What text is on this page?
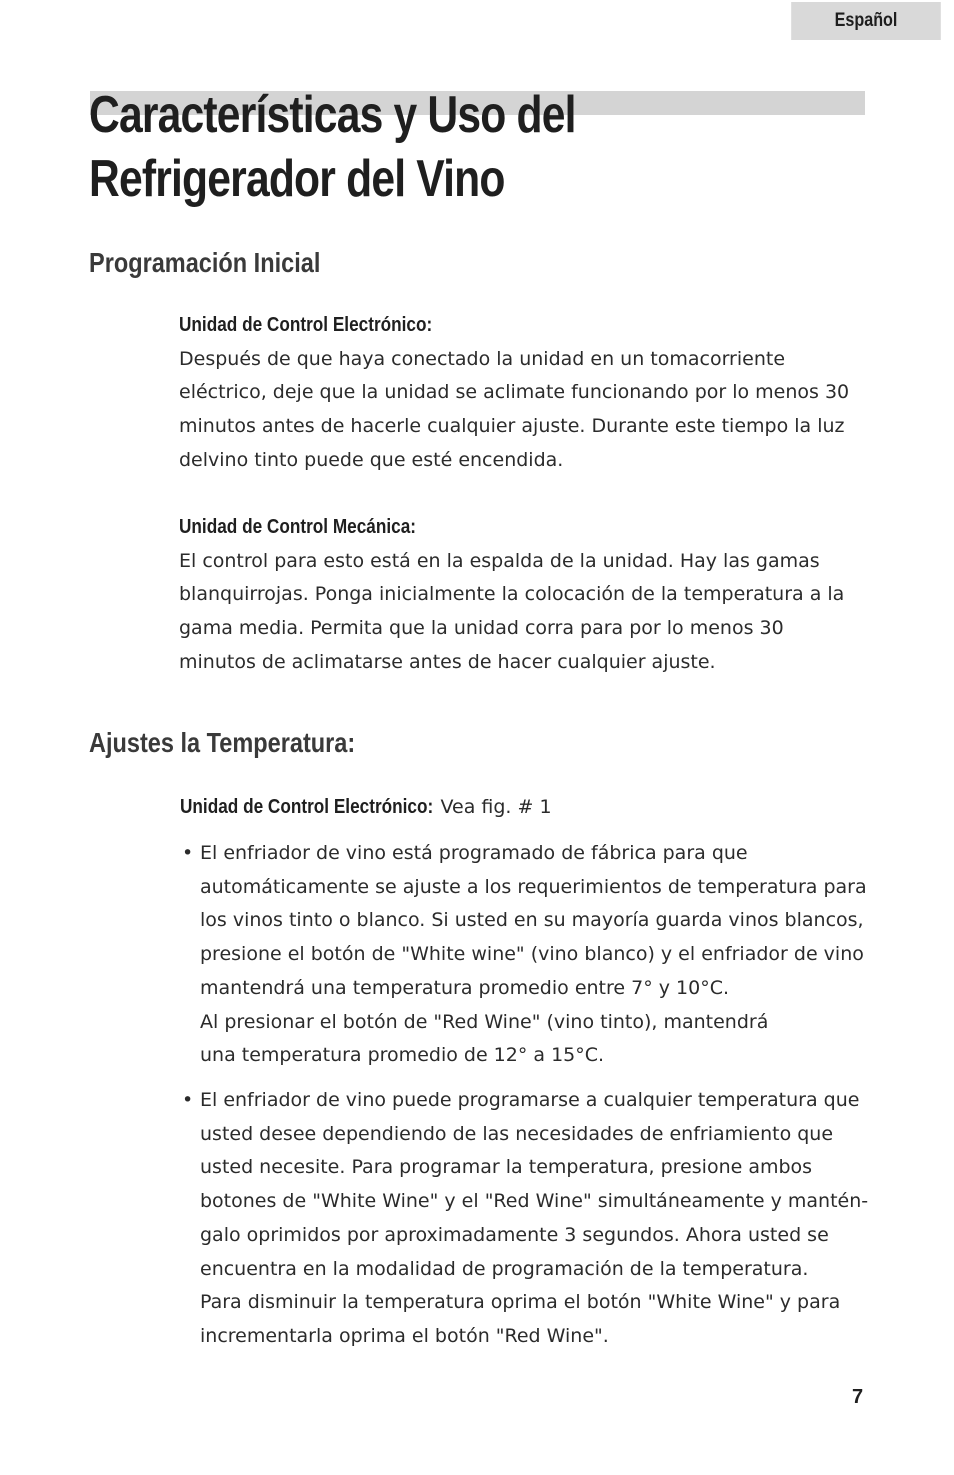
Español
Características y Uso del
Refrigerador del Vino
Programación Inicial
Unidad de Control Electrónico:

Después de que haya conectado la unidad en un tomacorriente
eléctrico, deje que la unidad se aclimate funcionando por lo menos 30
minutos antes de hacerle cualquier ajuste. Durante este tiempo la luz
delvino tinto puede que esté encendida.

Unidad de Control Mecánica:

El control para esto está en la espalda de la unidad. Hay las gamas
blanquirrojas. Ponga inicialmente la colocación de la temperatura a la
gama media. Permita que la unidad corra para por lo menos 30
minutos de aclimatarse antes de hacer cualquier ajuste.

Ajustes la Temperatura:
Unidad de Control Electrónico: Vea fig. # 1

• El enfriador de vino está programado de fábrica para que
automáticamente se ajuste a los requerimientos de temperatura para
los vinos tinto o blanco. Si usted en su mayoría guarda vinos blancos,
presione el botón de "White wine" (vino blanco) y el enfriador de vino
mantendrá una temperatura promedio entre 7° y 10°C.
Al presionar el botón de "Red Wine" (vino tinto), mantendrá
una temperatura promedio de 12° a 15°C.

• El enfriador de vino puede programarse a cualquier temperatura que
usted desee dependiendo de las necesidades de enfriamiento que
usted necesite. Para programar la temperatura, presione ambos
botones de "White Wine" y el "Red Wine" simultáneamente y mantén-
galo oprimidos por aproximadamente 3 segundos. Ahora usted se
encuentra en la modalidad de programación de la temperatura.
Para disminuir la temperatura oprima el botón "White Wine" y para
incrementarla oprima el botón "Red Wine".

7
